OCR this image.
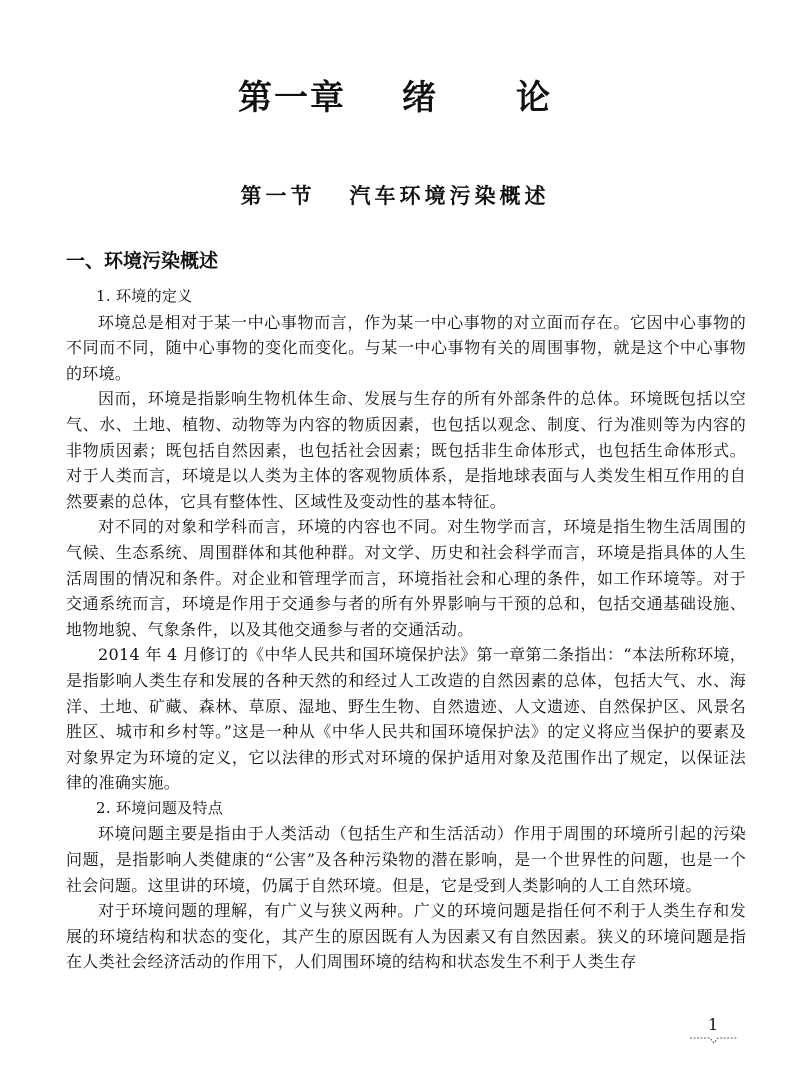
第一章 绪 论
第一节 汽车环境污染概述
一、环境污染概述

1. 环境的定义

环境总是相对于某一中心事物而言，作为某一中心事物的对立面而存在。它因中心事物的不同而不同，随中心事物的变化而变化。与某一中心事物有关的周围事物，就是这个中心事物的环境。

因而，环境是指影响生物机体生命、发展与生存的所有外部条件的总体。环境既包括以空气、水、土地、植物、动物等为内容的物质因素，也包括以观念、制度、行为准则等为内容的非物质因素；既包括自然因素，也包括社会因素；既包括非生命体形式，也包括生命体形式。对于人类而言，环境是以人类为主体的客观物质体系，是指地球表面与人类发生相互作用的自然要素的总体，它具有整体性、区域性及变动性的基本特征。

对不同的对象和学科而言，环境的内容也不同。对生物学而言，环境是指生物生活周围的气候、生态系统、周围群体和其他种群。对文学、历史和社会科学而言，环境是指具体的人生活周围的情况和条件。对企业和管理学而言，环境指社会和心理的条件，如工作环境等。对于交通系统而言，环境是作用于交通参与者的所有外界影响与干预的总和，包括交通基础设施、地物地貌、气象条件，以及其他交通参与者的交通活动。

2014 年 4 月修订的《中华人民共和国环境保护法》第一章第二条指出：“本法所称环境，是指影响人类生存和发展的各种天然的和经过人工改造的自然因素的总体，包括大气、水、海洋、土地、矿藏、森林、草原、湿地、野生生物、自然遗迹、人文遗迹、自然保护区、风景名胜区、城市和乡村等。”这是一种从《中华人民共和国环境保护法》的定义将应当保护的要素及对象界定为环境的定义，它以法律的形式对环境的保护适用对象及范围作出了规定，以保证法律的准确实施。

2. 环境问题及特点

环境问题主要是指由于人类活动（包括生产和生活活动）作用于周围的环境所引起的污染问题，是指影响人类健康的“公害”及各种污染物的潜在影响，是一个世界性的问题，也是一个社会问题。这里讲的环境，仍属于自然环境。但是，它是受到人类影响的人工自然环境。

对于环境问题的理解，有广义与狭义两种。广义的环境问题是指任何不利于人类生存和发展的环境结构和状态的变化，其产生的原因既有人为因素又有自然因素。狭义的环境问题是指在人类社会经济活动的作用下，人们周围环境的结构和状态发生不利于人类生存

1
